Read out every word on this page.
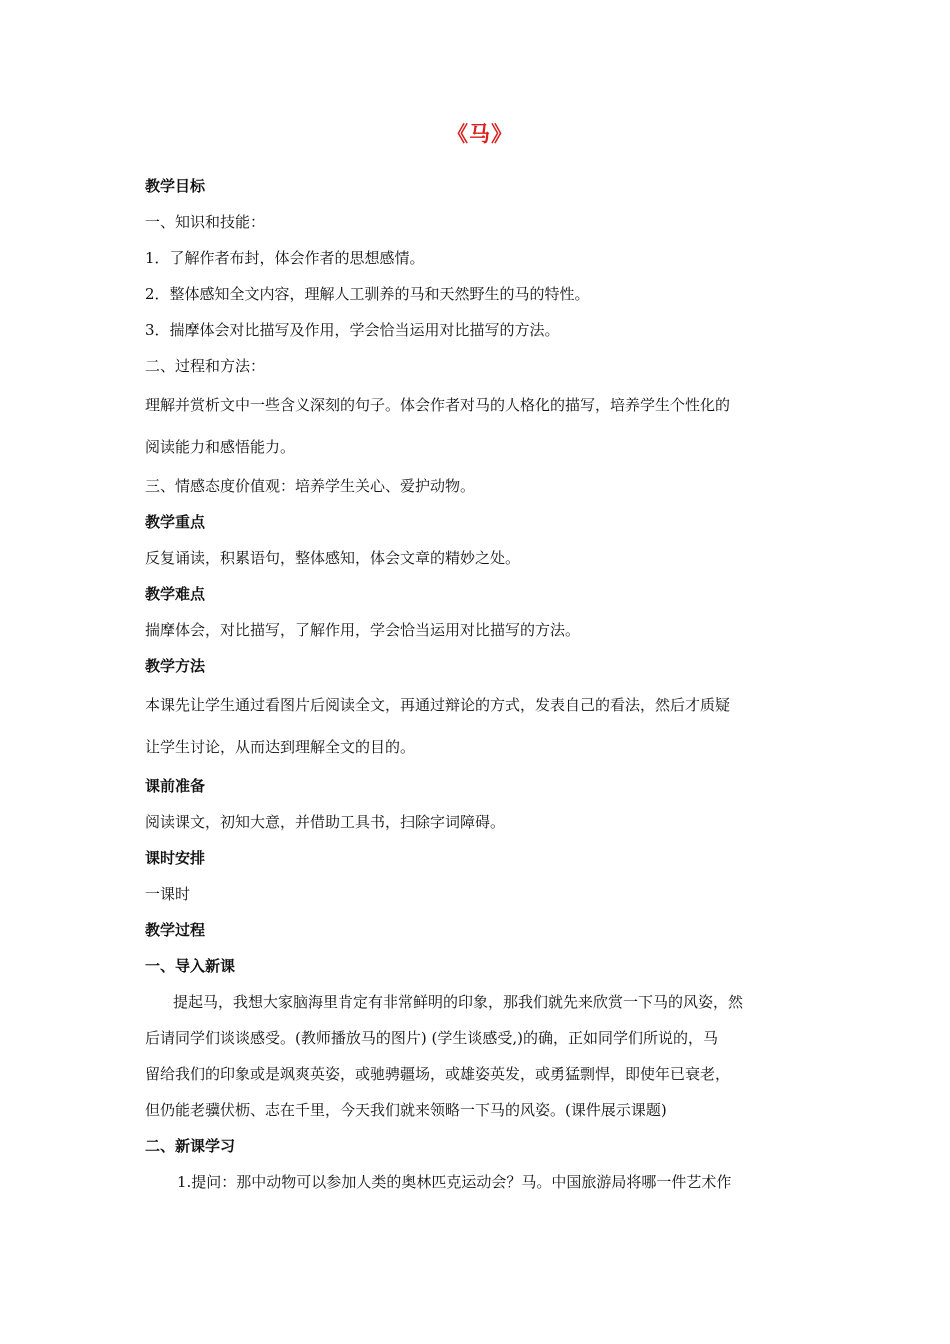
《马》
教学目标
一、知识和技能：
1．了解作者布封，体会作者的思想感情。
2．整体感知全文内容，理解人工驯养的马和天然野生的马的特性。
3．揣摩体会对比描写及作用，学会恰当运用对比描写的方法。
二、过程和方法：
理解并赏析文中一些含义深刻的句子。体会作者对马的人格化的描写，培养学生个性化的
阅读能力和感悟能力。
三、情感态度价值观：培养学生关心、爱护动物。
教学重点
反复诵读，积累语句，整体感知，体会文章的精妙之处。
教学难点
揣摩体会，对比描写，了解作用，学会恰当运用对比描写的方法。
教学方法
本课先让学生通过看图片后阅读全文，再通过辩论的方式，发表自己的看法，然后才质疑
让学生讨论，从而达到理解全文的目的。
课前准备
阅读课文，初知大意，并借助工具书，扫除字词障碍。
课时安排
一课时
教学过程
一、导入新课
提起马，我想大家脑海里肯定有非常鲜明的印象，那我们就先来欣赏一下马的风姿，然
后请同学们谈谈感受。(教师播放马的图片) (学生谈感受,)的确，正如同学们所说的，马
留给我们的印象或是飒爽英姿，或驰骋疆场，或雄姿英发，或勇猛剽悍，即使年已衰老，
但仍能老骥伏枥、志在千里，今天我们就来领略一下马的风姿。(课件展示课题)
二、新课学习
1.提问：那中动物可以参加人类的奥林匹克运动会？马。中国旅游局将哪一件艺术作
